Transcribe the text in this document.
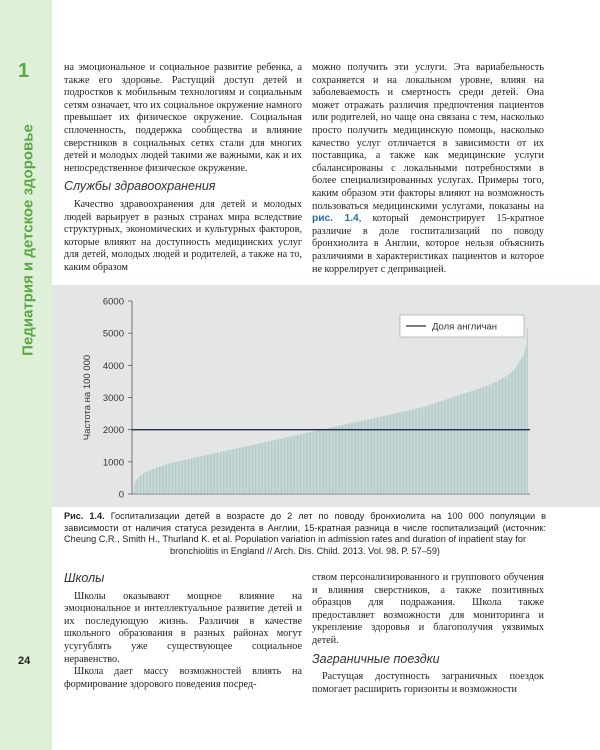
1
Педиатрия и детское здоровье
24

на эмоциональное и социальное развитие ребенка, а также его здоровье. Растущий доступ детей и подростков к мобильным технологиям и социальным сетям означает, что их социальное окружение намного превышает их физическое окружение. Социальная сплоченность, поддержка сообщества и влияние сверстников в социальных сетях стали для многих детей и молодых людей такими же важными, как и их непосредственное физическое окружение.

Службы здравоохранения

Качество здравоохранения для детей и молодых людей варьирует в разных странах мира вследствие структурных, экономических и культурных факторов, которые влияют на доступность медицинских услуг для детей, молодых людей и родителей, а также на то, каким образом

можно получить эти услуги. Эта вариабельность сохраняется и на локальном уровне, влияя на заболеваемость и смертность среди детей. Она может отражать различия предпочтения пациентов или родителей, но чаще она связана с тем, насколько просто получить медицинскую помощь, насколько качество услуг отличается в зависимости от их поставщика, а также как медицинские услуги сбалансированы с локальными потребностями в более специализированных услугах. Примеры того, каким образом эти факторы влияют на возможность пользоваться медицинскими услугами, показаны на рис. 1.4, который демонстрирует 15-кратное различие в доле госпитализаций по поводу бронхиолита в Англии, которое нельзя объяснить различиями в характеристиках пациентов и которое не коррелирует с депривацией.

0
1000
2000
3000
4000
5000
6000
Частота на 100 000
Доля англичан
Рис. 1.4. Госпитализации детей в возрасте до 2 лет по поводу бронхиолита на 100 000 популяции в зависимости от наличия статуса резидента в Англии, 15-кратная разница в числе госпитализаций (источник: Cheung C.R., Smith H., Thurland K. et al. Population variation in admission rates and duration of inpatient stay for
bronchiolitis in England // Arch. Dis. Child. 2013. Vol. 98. P. 57–59)
Школы

Школы оказывают мощное влияние на эмоциональное и интеллектуальное развитие детей и их последующую жизнь. Различия в качестве школьного образования в разных районах могут усугублять уже существующее социальное неравенство.

Школа дает массу возможностей влиять на формирование здорового поведения посред-

ством персонализированного и группового обучения и влияния сверстников, а также позитивных образцов для подражания. Школа также предоставляет возможности для мониторинга и укрепление здоровья и благополучия уязвимых детей.

Заграничные поездки

Растущая доступность заграничных поездок помогает расширить горизонты и возможности
